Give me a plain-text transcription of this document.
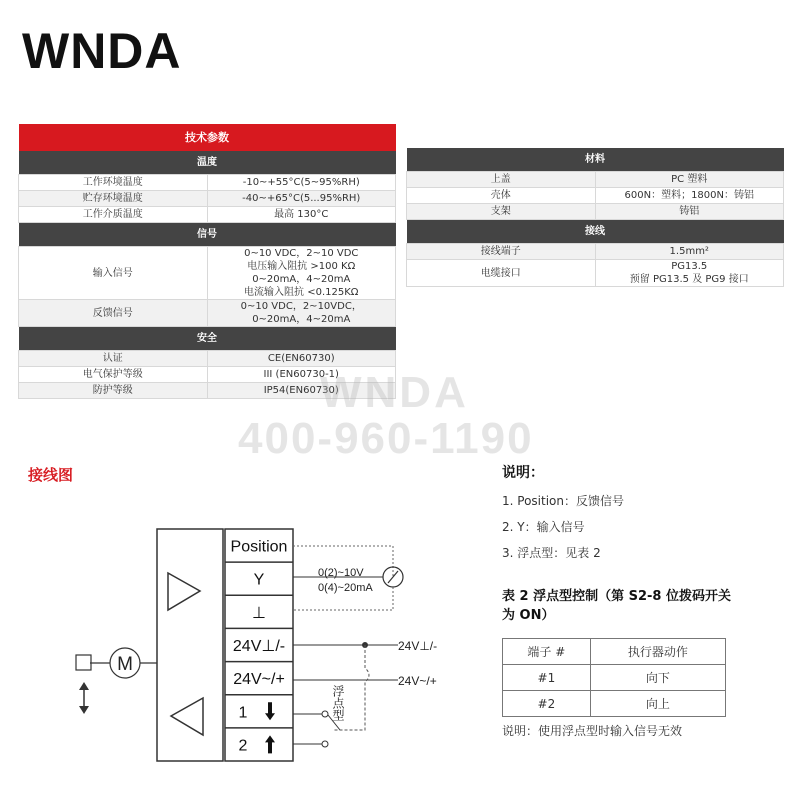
WNDA
技术参数	
温度	
工作环境温度	-10~+55°C(5~95%RH)

贮存环境温度	-40~+65°C(5...95%RH)

工作介质温度	最高 130°C

信号	
输入信号	0~10 VDC，2~10 VDC
电压输入阻抗 >100 KΩ
0~20mA，4~20mA
电流输入阻抗 <0.125KΩ

反馈信号	0~10 VDC，2~10VDC，
0~20mA，4~20mA

安全	
认证	CE(EN60730)

电气保护等级	III (EN60730-1)

防护等级	IP54(EN60730)
材料	
上盖	PC 塑料

壳体	600N：塑料；1800N：铸铝

支架	铸铝

接线	
接线端子	1.5mm²

电缆接口	PG13.5
预留 PG13.5 及 PG9 接口
WNDA
400-960-1190
接线图
Position
Y
⊥
24V⊥/-
24V~/+
1
2
0(2)~10V
0(4)~20mA
24V⊥/-
24V~/+
浮点型
M
说明：
1. Position：反馈信号
2. Y：输入信号
3. 浮点型：见表 2
表 2 浮点型控制（第 S2-8 位拨码开关为 ON）
端子 #	执行器动作
#1	向下
#2	向上
说明：使用浮点型时输入信号无效
